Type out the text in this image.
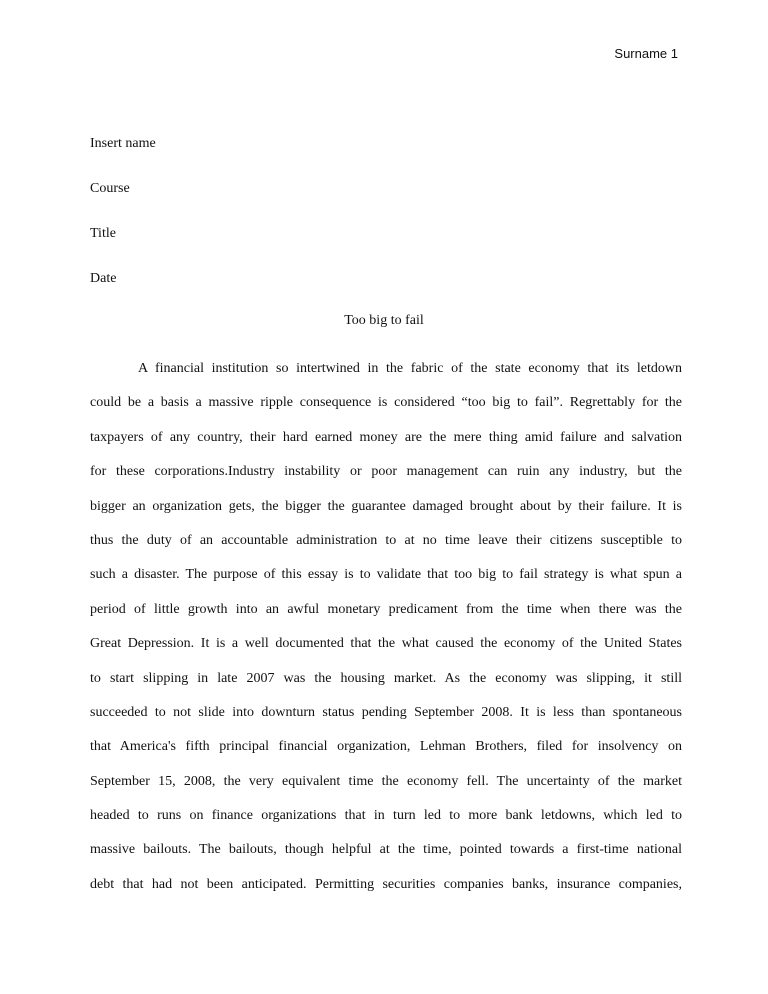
Surname 1
Insert name
Course
Title
Date
Too big to fail
A financial institution so intertwined in the fabric of the state economy that its letdown
could be a basis a massive ripple consequence is considered “too big to fail”. Regrettably for the
taxpayers of any country, their hard earned money are the mere thing amid failure and salvation
for these corporations.Industry instability or poor management can ruin any industry, but the
bigger an organization gets, the bigger the guarantee damaged brought about by their failure. It is
thus the duty of an accountable administration to at no time leave their citizens susceptible to
such a disaster. The purpose of this essay is to validate that too big to fail strategy is what spun a
period of little growth into an awful monetary predicament from the time when there was the
Great Depression. It is a well documented that the what caused the economy of the United States
to start slipping in late 2007 was the housing market. As the economy was slipping, it still
succeeded to not slide into downturn status pending September 2008. It is less than spontaneous
that America's fifth principal financial organization, Lehman Brothers, filed for insolvency on
September 15, 2008, the very equivalent time the economy fell. The uncertainty of the market
headed to runs on finance organizations that in turn led to more bank letdowns, which led to
massive bailouts. The bailouts, though helpful at the time, pointed towards a first-time national
debt that had not been anticipated. Permitting securities companies banks, insurance companies,
